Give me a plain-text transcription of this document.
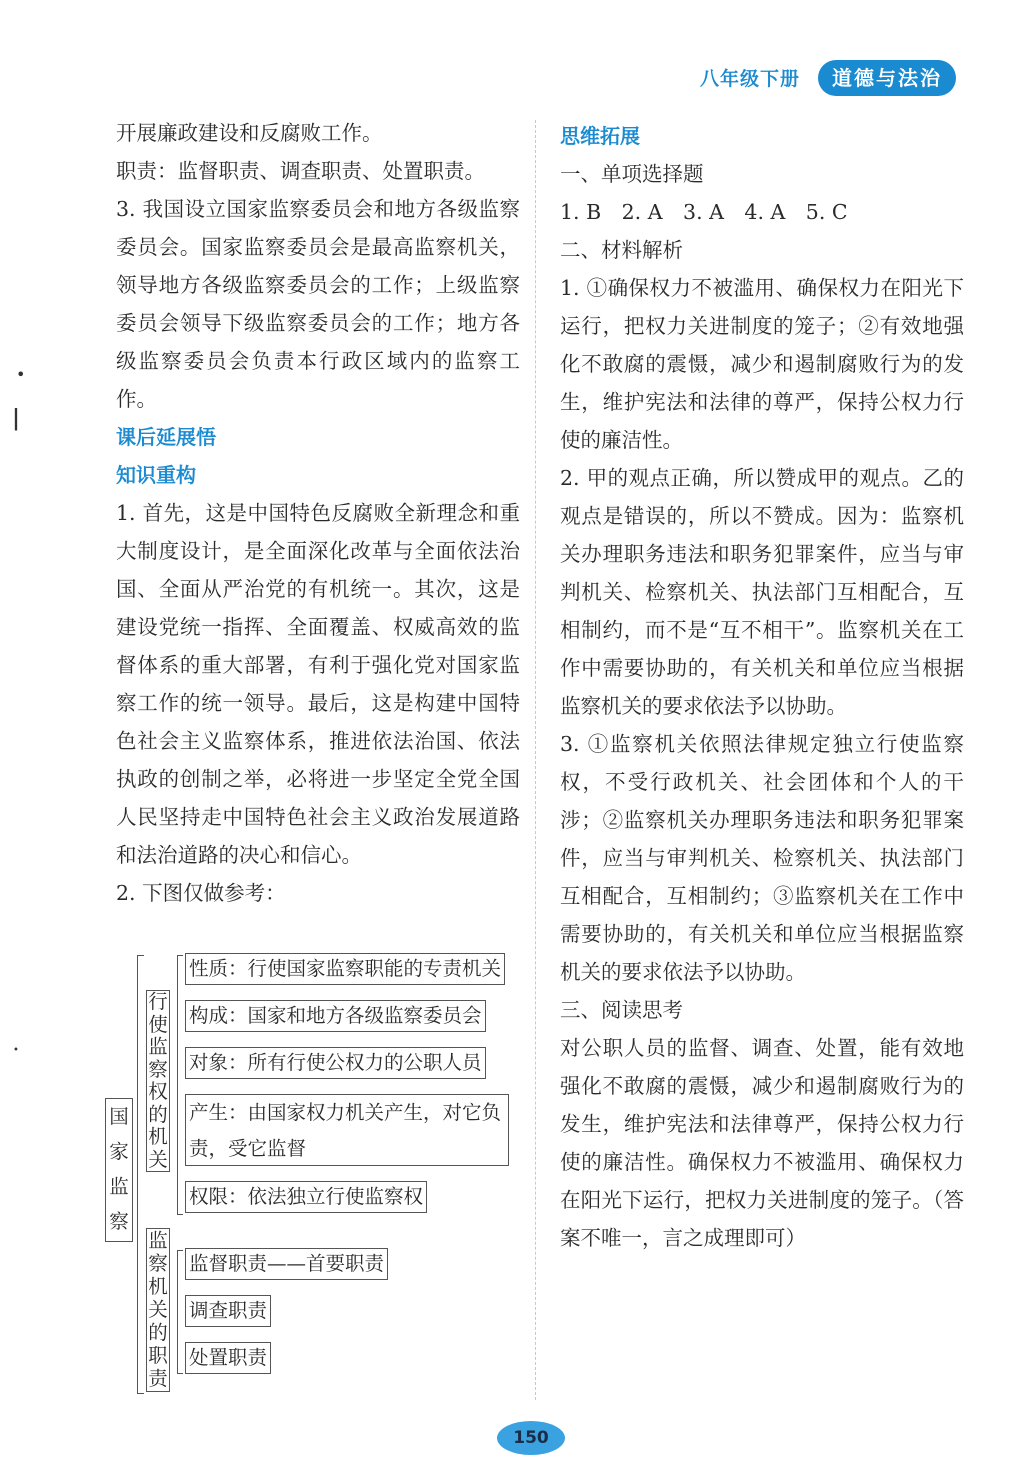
八年级下册	道德与法治

开展廉政建设和反腐败工作。

职责：监督职责、调查职责、处置职责。

3. 我国设立国家监察委员会和地方各级监察委员会。国家监察委员会是最高监察机关，领导地方各级监察委员会的工作；上级监察委员会领导下级监察委员会的工作；地方各级监察委员会负责本行政区域内的监察工作。

课后延展悟

知识重构

1. 首先，这是中国特色反腐败全新理念和重大制度设计，是全面深化改革与全面依法治国、全面从严治党的有机统一。其次，这是建设党统一指挥、全面覆盖、权威高效的监督体系的重大部署，有利于强化党对国家监察工作的统一领导。最后，这是构建中国特色社会主义监察体系，推进依法治国、依法执政的创制之举，必将进一步坚定全党全国人民坚持走中国特色社会主义政治发展道路和法治道路的决心和信心。

2. 下图仅做参考：

国家监察
行使监察权的机关
性质：行使国家监察职能的专责机关
构成：国家和地方各级监察委员会
对象：所有行使公权力的公职人员
产生：由国家权力机关产生，对它负
责，受它监督
权限：依法独立行使监察权
监察机关的职责
监督职责——首要职责
调查职责
处置职责

思维拓展

一、单项选择题

1. B　2. A　3. A　4. A　5. C

二、材料解析

1. ①确保权力不被滥用、确保权力在阳光下运行，把权力关进制度的笼子；②有效地强化不敢腐的震慑，减少和遏制腐败行为的发生，维护宪法和法律的尊严，保持公权力行使的廉洁性。

2. 甲的观点正确，所以赞成甲的观点。乙的观点是错误的，所以不赞成。因为：监察机关办理职务违法和职务犯罪案件，应当与审判机关、检察机关、执法部门互相配合，互相制约，而不是“互不相干”。监察机关在工作中需要协助的，有关机关和单位应当根据监察机关的要求依法予以协助。

3. ①监察机关依照法律规定独立行使监察权，不受行政机关、社会团体和个人的干涉；②监察机关办理职务违法和职务犯罪案件，应当与审判机关、检察机关、执法部门互相配合，互相制约；③监察机关在工作中需要协助的，有关机关和单位应当根据监察机关的要求依法予以协助。

三、阅读思考

对公职人员的监督、调查、处置，能有效地强化不敢腐的震慑，减少和遏制腐败行为的发生，维护宪法和法律尊严，保持公权力行使的廉洁性。确保权力不被滥用、确保权力在阳光下运行，把权力关进制度的笼子。（答案不唯一，言之成理即可）

150
•
|
•
